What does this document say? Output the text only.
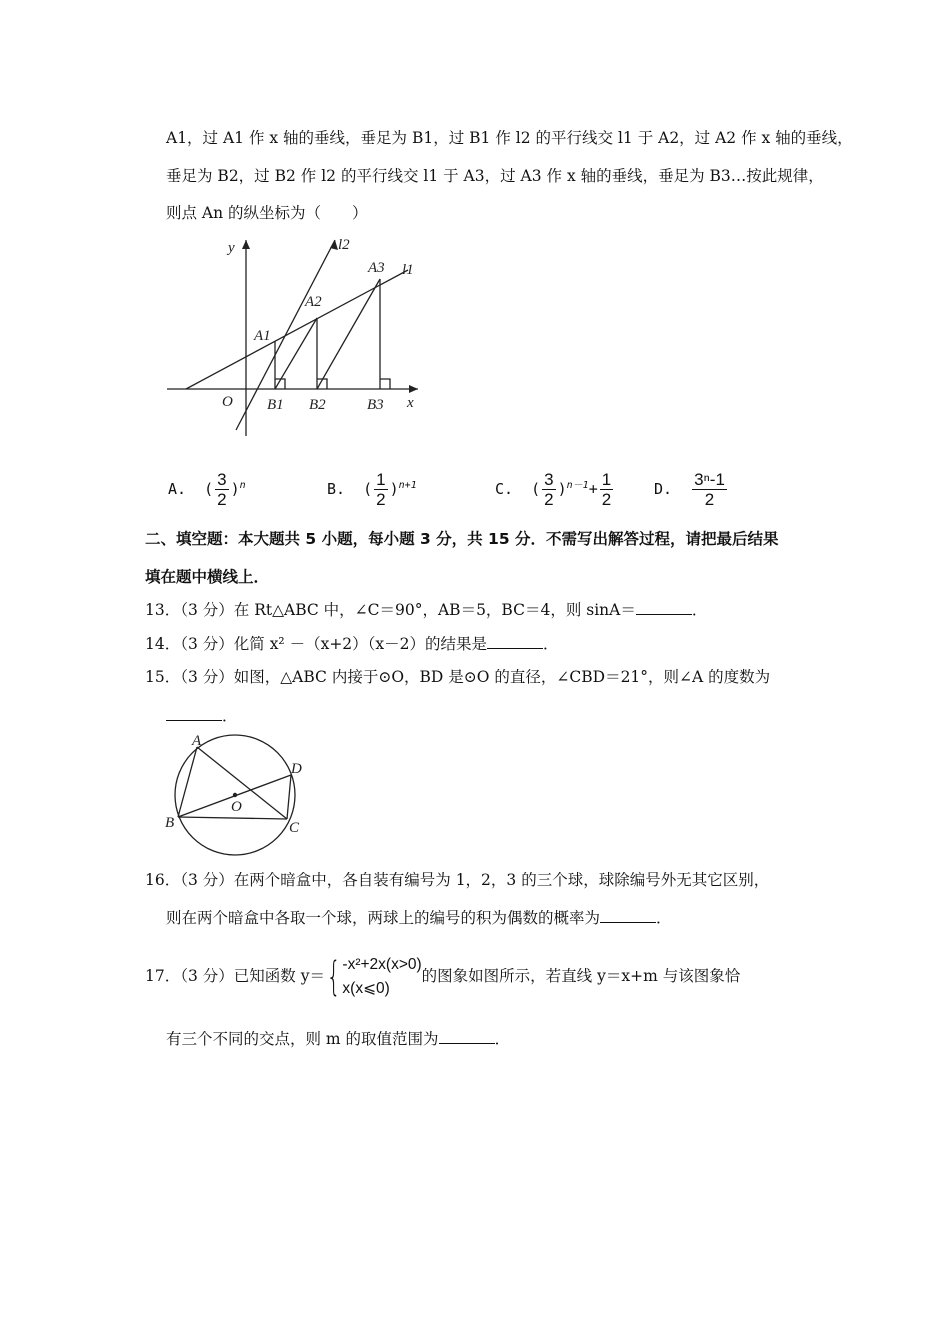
A1，过 A1 作 x 轴的垂线，垂足为 B1，过 B1 作 l2 的平行线交 l1 于 A2，过 A2 作 x 轴的垂线，
垂足为 B2，过 B2 作 l2 的平行线交 l1 于 A3，过 A3 作 x 轴的垂线，垂足为 B3…按此规律，
则点 An 的纵坐标为（　　）
y
x
l2
l1
A1
A2
A3
O B1 B2	B3
A.  ( $\frac{3}{2} )^n$	B.  ( $\frac{1}{2} )^{n+1}$	C.  ( $\frac{3}{2} )^{n-1}+ \frac{1}{2}$	D. $\frac{\text{3ⁿ-1}}{2}$
二、填空题：本大题共 5 小题，每小题 3 分，共 15 分．不需写出解答过程，请把最后结果
填在题中横线上．
13．（3 分）在 Rt△ABC 中，∠C＝90°，AB＝5，BC＝4，则 sinA＝	．
14．（3 分）化简 x² －（x+2）（x－2）的结果是	．
15．（3 分）如图，△ABC 内接于⊙O，BD 是⊙O 的直径，∠CBD＝21°，则∠A 的度数为
．
A
B	C
D
O
16．（3 分）在两个暗盒中，各自装有编号为 1，2，3 的三个球，球除编号外无其它区别，
则在两个暗盒中各取一个球，两球上的编号的积为偶数的概率为	．
17．（3 分）已知函数 y＝{ -x²+2x(x>0)
x(x⩽0)
的图象如图所示，若直线 y＝x+m 与该图象恰
有三个不同的交点，则 m 的取值范围为	．
